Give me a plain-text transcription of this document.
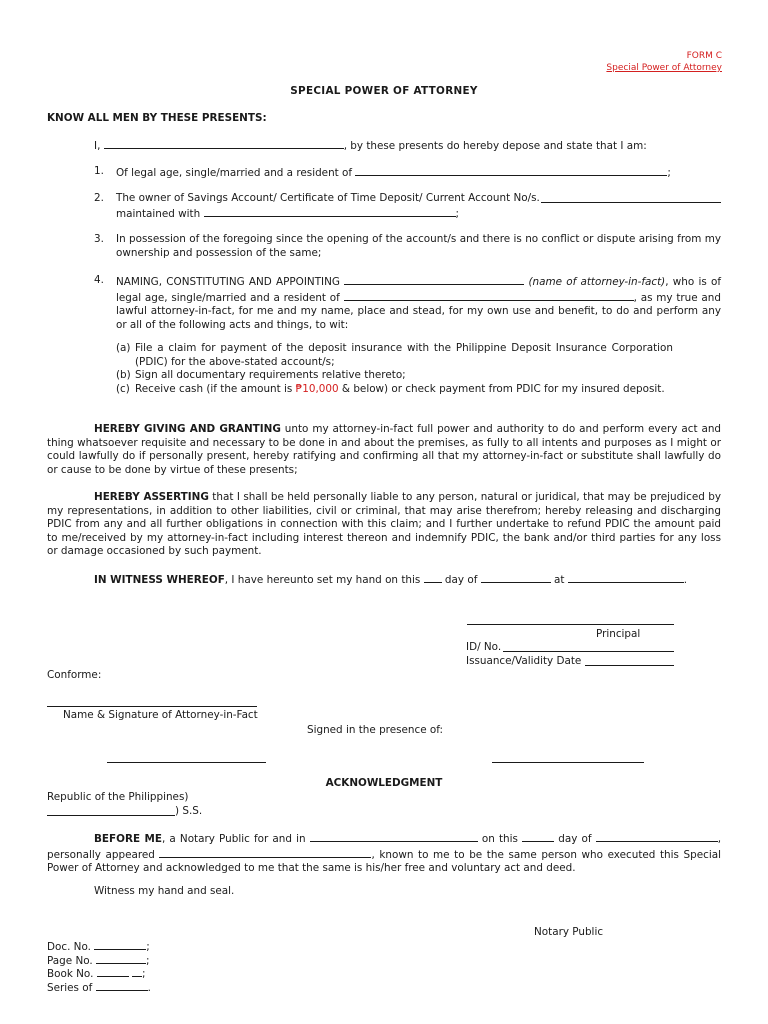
FORM C
Special Power of Attorney
SPECIAL POWER OF ATTORNEY
KNOW ALL MEN BY THESE PRESENTS:
I,	, by these presents do hereby depose and state that I am:
1.	Of legal age, single/married and a resident of	;
2.	The owner of Savings Account/ Certificate of Time Deposit/ Current Account No/s.
maintained with	;
3.	In possession of the foregoing since the opening of the account/s and there is no conflict or dispute arising from my ownership and possession of the same;

4.	NAMING, CONSTITUTING AND APPOINTING	(name of attorney-in-fact), who is of legal age, single/married and a resident of	, as my true and lawful attorney-in-fact, for me and my name, place and stead, for my own use and benefit, to do and perform any or all of the following acts and things, to wit:

(a) File a claim for payment of the deposit insurance with the Philippine Deposit Insurance Corporation (PDIC) for the above-stated account/s;

(b) Sign all documentary requirements relative thereto;

(c) Receive cash (if the amount is ₱10,000 & below) or check payment from PDIC for my insured deposit.

HEREBY GIVING AND GRANTING unto my attorney-in-fact full power and authority to do and perform every act and thing whatsoever requisite and necessary to be done in and about the premises, as fully to all intents and purposes as I might or could lawfully do if personally present, hereby ratifying and confirming all that my attorney-in-fact or substitute shall lawfully do or cause to be done by virtue of these presents;

HEREBY ASSERTING that I shall be held personally liable to any person, natural or juridical, that may be prejudiced by my representations, in addition to other liabilities, civil or criminal, that may arise therefrom; hereby releasing and discharging PDIC from any and all further obligations in connection with this claim; and I further undertake to refund PDIC the amount paid to me/received by my attorney-in-fact including interest thereon and indemnify PDIC, the bank and/or third parties for any loss or damage occasioned by such payment.

IN WITNESS WHEREOF, I have hereunto set my hand on this day of	at	.
Principal
ID/ No.
Issuance/Validity Date
Conforme:
Name & Signature of Attorney-in-Fact
Signed in the presence of:
ACKNOWLEDGMENT
Republic of the Philippines)
) S.S.

BEFORE ME, a Notary Public for and in	on this	day of	, personally appeared	, known to me to be the same person who executed this Special Power of Attorney and acknowledged to me that the same is his/her free and voluntary act and deed.

Witness my hand and seal.
Notary Public
Doc. No.	;
Page No.	;
Book No.	;
Series of	.
